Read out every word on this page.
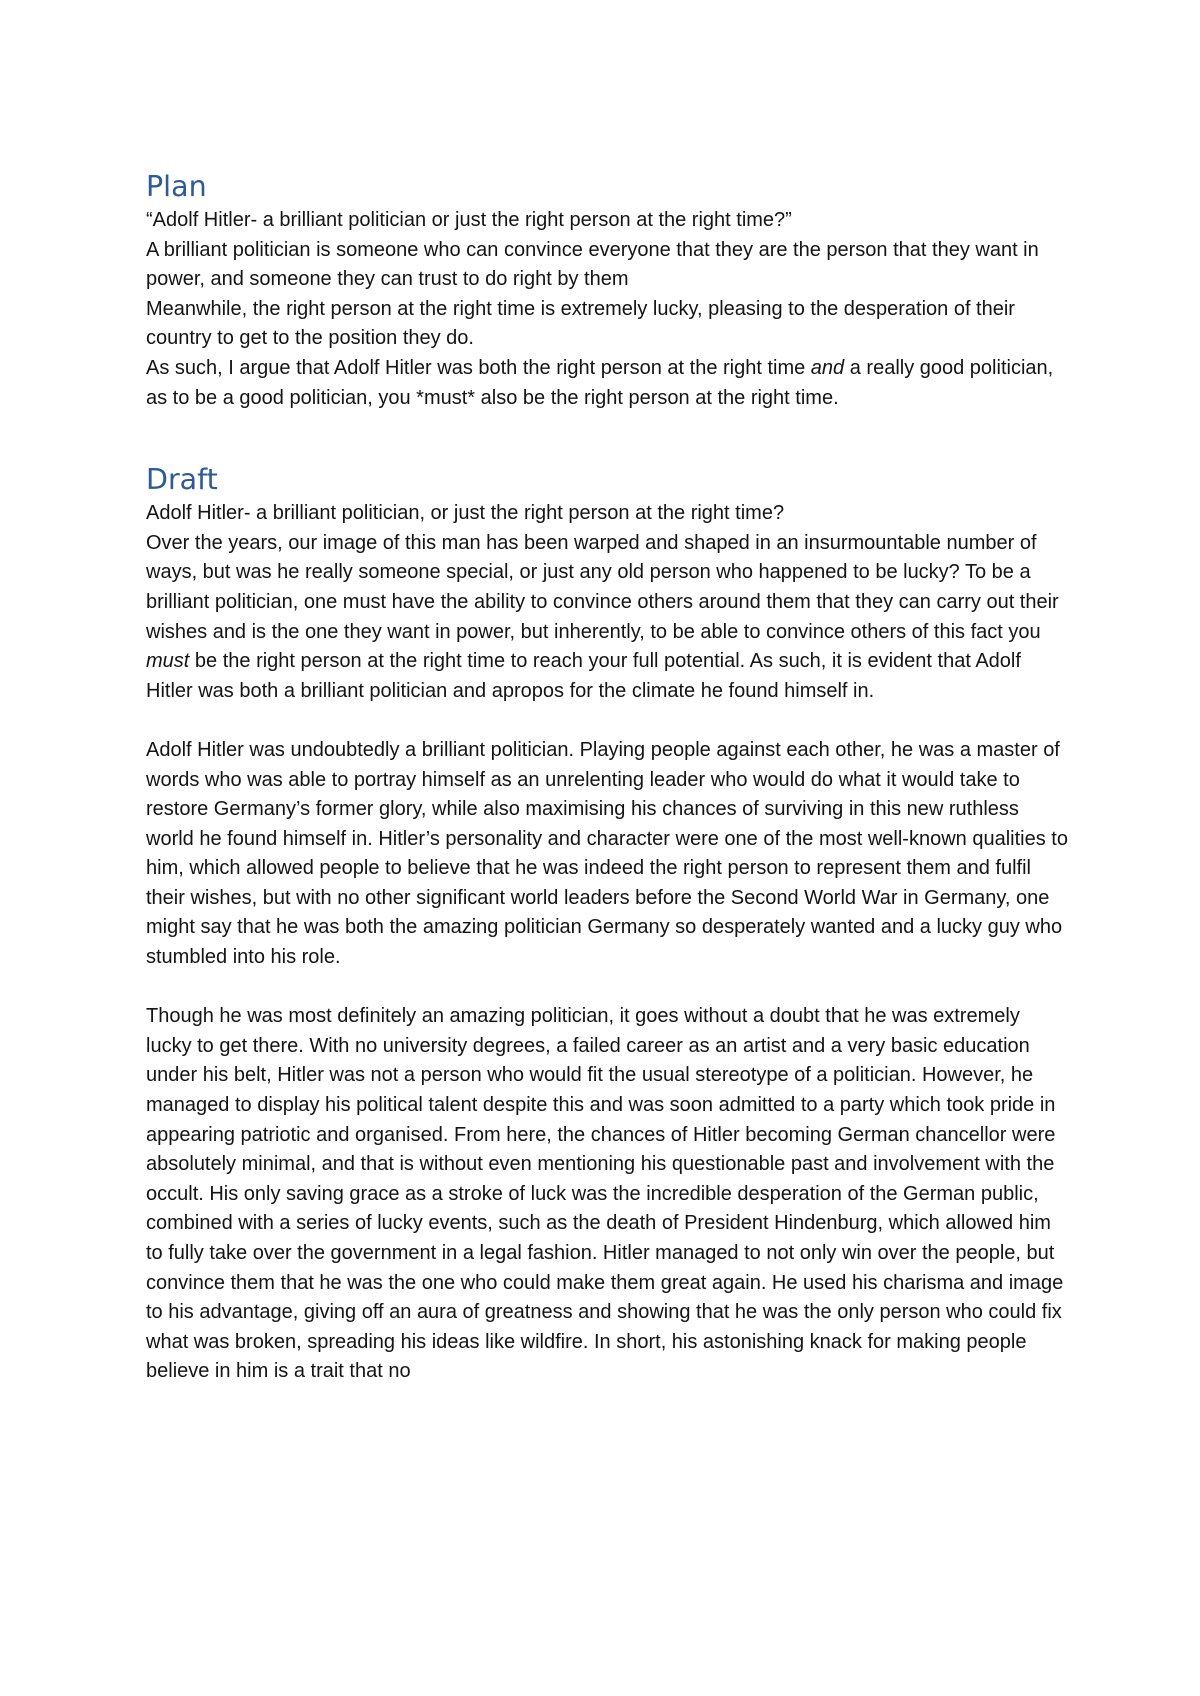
Plan

“Adolf Hitler- a brilliant politician or just the right person at the right time?”

A brilliant politician is someone who can convince everyone that they are the person that they want in power, and someone they can trust to do right by them

Meanwhile, the right person at the right time is extremely lucky, pleasing to the desperation of their country to get to the position they do.

As such, I argue that Adolf Hitler was both the right person at the right time and a really good politician, as to be a good politician, you *must* also be the right person at the right time.

Draft

Adolf Hitler- a brilliant politician, or just the right person at the right time?

Over the years, our image of this man has been warped and shaped in an insurmountable number of ways, but was he really someone special, or just any old person who happened to be lucky? To be a brilliant politician, one must have the ability to convince others around them that they can carry out their wishes and is the one they want in power, but inherently, to be able to convince others of this fact you must be the right person at the right time to reach your full potential. As such, it is evident that Adolf Hitler was both a brilliant politician and apropos for the climate he found himself in.

Adolf Hitler was undoubtedly a brilliant politician. Playing people against each other, he was a master of words who was able to portray himself as an unrelenting leader who would do what it would take to restore Germany’s former glory, while also maximising his chances of surviving in this new ruthless world he found himself in. Hitler’s personality and character were one of the most well-known qualities to him, which allowed people to believe that he was indeed the right person to represent them and fulfil their wishes, but with no other significant world leaders before the Second World War in Germany, one might say that he was both the amazing politician Germany so desperately wanted and a lucky guy who stumbled into his role.

Though he was most definitely an amazing politician, it goes without a doubt that he was extremely lucky to get there. With no university degrees, a failed career as an artist and a very basic education under his belt, Hitler was not a person who would fit the usual stereotype of a politician. However, he managed to display his political talent despite this and was soon admitted to a party which took pride in appearing patriotic and organised. From here, the chances of Hitler becoming German chancellor were absolutely minimal, and that is without even mentioning his questionable past and involvement with the occult. His only saving grace as a stroke of luck was the incredible desperation of the German public, combined with a series of lucky events, such as the death of President Hindenburg, which allowed him to fully take over the government in a legal fashion. Hitler managed to not only win over the people, but convince them that he was the one who could make them great again. He used his charisma and image to his advantage, giving off an aura of greatness and showing that he was the only person who could fix what was broken, spreading his ideas like wildfire. In short, his astonishing knack for making people believe in him is a trait that no
